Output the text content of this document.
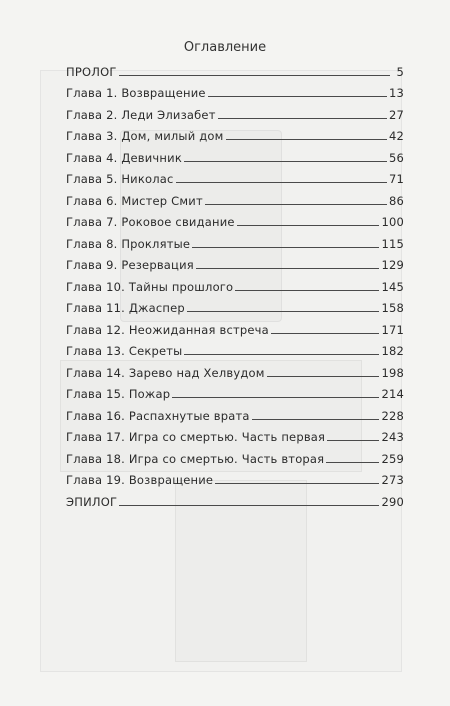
Оглавление
ПРОЛОГ	5
Глава 1. Возвращение	13
Глава 2. Леди Элизабет	27
Глава 3. Дом, милый дом	42
Глава 4. Девичник	56
Глава 5. Николас	71
Глава 6. Мистер Смит	86
Глава 7. Роковое свидание	100
Глава 8. Проклятые	115
Глава 9. Резервация	129
Глава 10. Тайны прошлого	145
Глава 11. Джаспер	158
Глава 12. Неожиданная встреча	171
Глава 13. Секреты	182
Глава 14. Зарево над Хелвудом	198
Глава 15. Пожар	214
Глава 16. Распахнутые врата	228
Глава 17. Игра со смертью. Часть первая	243
Глава 18. Игра со смертью. Часть вторая	259
Глава 19. Возвращение	273
ЭПИЛОГ	290
